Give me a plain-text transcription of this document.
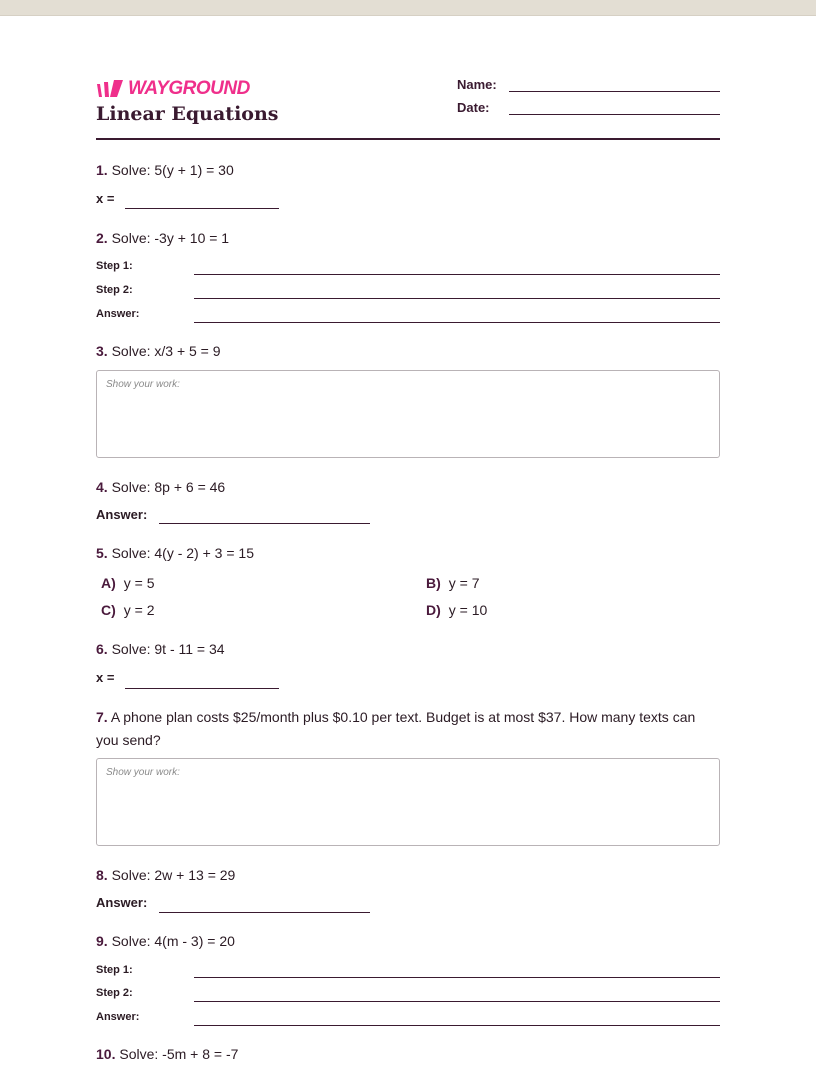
WAYGROUND
Linear Equations
Name:
Date:
1. Solve: 5(y + 1) = 30
x =
2. Solve: -3y + 10 = 1
Step 1:
Step 2:
Answer:
3. Solve: x/3 + 5 = 9
Show your work:
4. Solve: 8p + 6 = 46
Answer:
5. Solve: 4(y - 2) + 3 = 15
A) y = 5	B) y = 7
C) y = 2	D) y = 10
6. Solve: 9t - 11 = 34
x =
7. A phone plan costs $25/month plus $0.10 per text. Budget is at most $37. How many texts can you send?
Show your work:
8. Solve: 2w + 13 = 29
Answer:
9. Solve: 4(m - 3) = 20
Step 1:
Step 2:
Answer:
10. Solve: -5m + 8 = -7
